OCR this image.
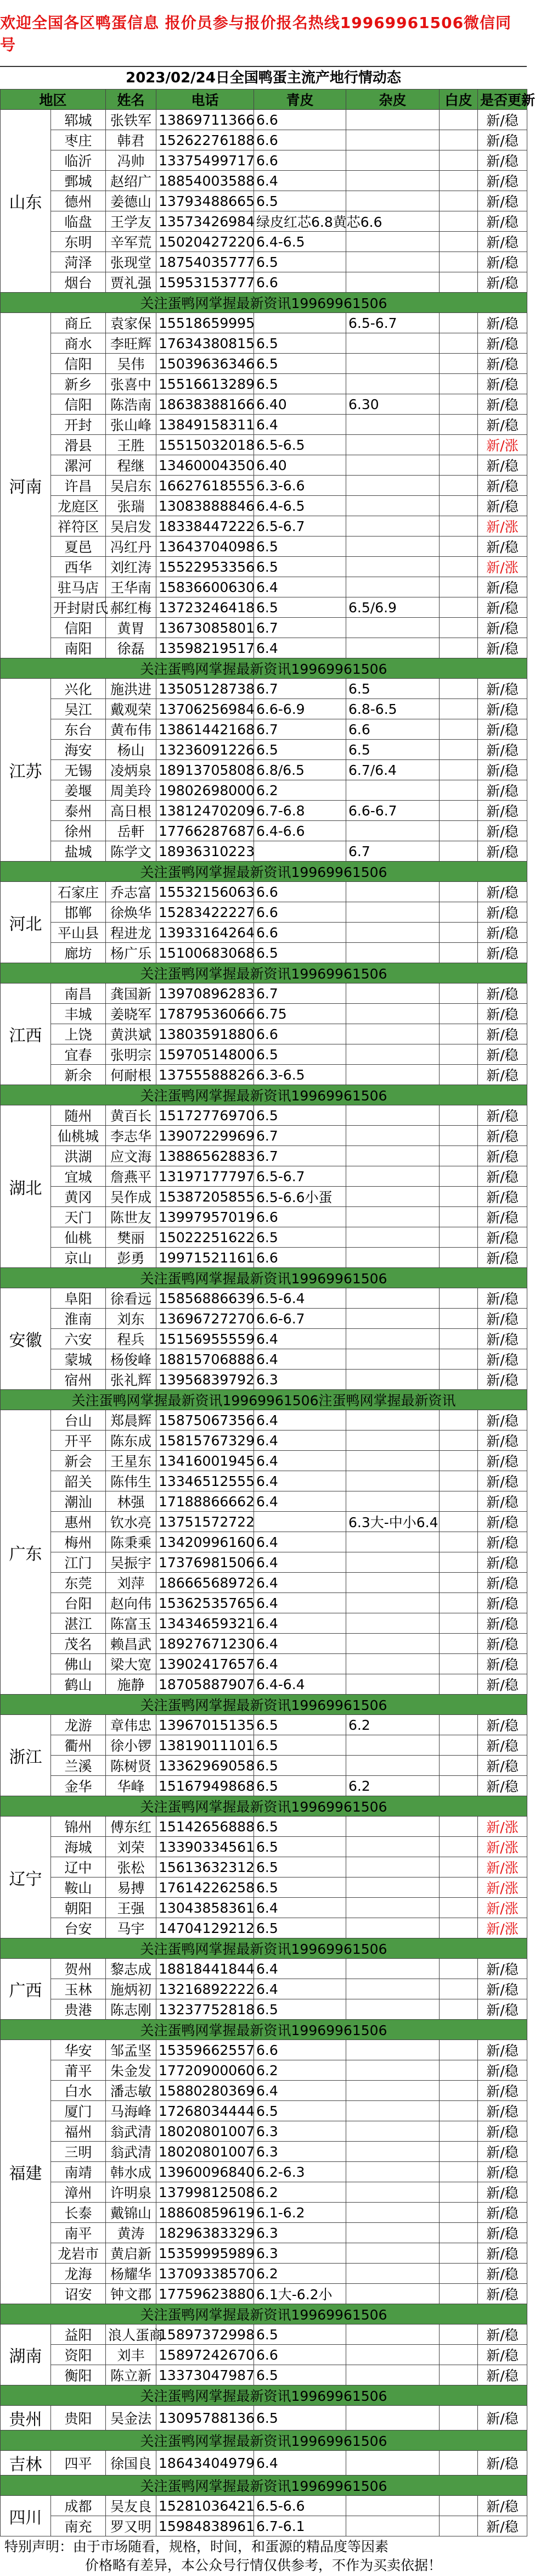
欢迎全国各区鸭蛋信息 报价员参与报价报名热线19969961506微信同号
2023/02/24日全国鸭蛋主流产地行情动态
地区		姓名	电话	青皮	杂皮	白皮	是否更新
山东	郓城	张铁军	13869711366	6.6			新/稳
	枣庄	韩君	15262276188	6.6			新/稳
	临沂	冯帅	13375499717	6.6			新/稳
	鄄城	赵绍广	18854003588	6.4			新/稳
	德州	姜德山	13793488665	6.5			新/稳
	临盘	王学友	13573426984	绿皮红芯6.8黄芯6.6			新/稳
	东明	辛军荒	15020427220	6.4-6.5			新/稳
	菏泽	张现堂	18754035777	6.5			新/稳
	烟台	贾礼强	15953153777	6.6			新/稳
关注蛋鸭网掌握最新资讯19969961506							
河南	商丘	袁家保	15518659995		6.5-6.7		新/稳
	商水	李旺辉	17634380815	6.5			新/稳
	信阳	吴伟	15039636346	6.5			新/稳
	新乡	张喜中	15516613289	6.5			新/稳
	信阳	陈浩南	18638388166	6.40	6.30		新/稳
	开封	张山峰	13849158311	6.4			新/稳
	滑县	王胜	15515032018	6.5-6.5			新/涨
	漯河	程继	13460004350	6.40			新/稳
	许昌	吴启东	16627618555	6.3-6.6			新/稳
	龙庭区	张瑞	13083888846	6.4-6.5			新/稳
	祥符区	吴启发	18338447222	6.5-6.7			新/涨
	夏邑	冯红丹	13643704098	6.5			新/稳
	西华	刘红涛	15522953356	6.5			新/涨
	驻马店	王华南	15836600630	6.4			新/稳
	开封尉氏	郝红梅	13723246418	6.5	6.5/6.9		新/稳
	信阳	黄胃	13673085801	6.7			新/稳
	南阳	徐磊	13598219517	6.4			新/稳
关注蛋鸭网掌握最新资讯19969961506							
江苏	兴化	施洪进	13505128738	6.7	6.5		新/稳
	吴江	戴观荣	13706256984	6.6-6.9	6.8-6.5		新/稳
	东台	黄布伟	13861442168	6.7	6.6		新/稳
	海安	杨山	13236091226	6.5	6.5		新/稳
	无锡	凌炳泉	18913705808	6.8/6.5	6.7/6.4		新/稳
	姜堰	周美玲	19802698000	6.2			新/稳
	泰州	高日根	13812470209	6.7-6.8	6.6-6.7		新/稳
	徐州	岳軒	17766287687	6.4-6.6			新/稳
	盐城	陈学文	18936310223		6.7		新/稳
关注蛋鸭网掌握最新资讯19969961506							
河北	石家庄	乔志富	15532156063	6.6			新/稳
	邯郸	徐焕华	15283422227	6.6			新/稳
	平山县	程进龙	13933164264	6.6			新/稳
	廊坊	杨广乐	15100683068	6.5			新/稳
关注蛋鸭网掌握最新资讯19969961506							
江西	南昌	龚国新	13970896283	6.7			新/稳
	丰城	姜晓军	17879536066	6.75			新/稳
	上饶	黄洪斌	13803591880	6.6			新/稳
	宜春	张明宗	15970514800	6.5			新/稳
	新余	何耐根	13755588826	6.3-6.5			新/稳
关注蛋鸭网掌握最新资讯19969961506							
湖北	随州	黄百长	15172776970	6.5			新/稳
	仙桃城	李志华	13907229969	6.7			新/稳
	洪湖	应文海	13886562883	6.7			新/稳
	宜城	詹燕平	13197177797	6.5-6.7			新/稳
	黄冈	吴作成	15387205855	6.5-6.6小蛋			新/稳
	天门	陈世友	13997957019	6.6			新/稳
	仙桃	樊丽	15022251622	6.5			新/稳
	京山	彭勇	19971521161	6.6			新/稳
关注蛋鸭网掌握最新资讯19969961506							
安徽	阜阳	徐看远	15856886639	6.5-6.4			新/稳
	淮南	刘东	13696727270	6.6-6.7			新/稳
	六安	程兵	15156955559	6.4			新/稳
	蒙城	杨俊峰	18815706888	6.4			新/稳
	宿州	张礼辉	13956839792	6.3			新/稳
关注蛋鸭网掌握最新资讯19969961506注蛋鸭网掌握最新资讯							
广东	台山	郑晨辉	15875067356	6.4			新/稳
	开平	陈东成	15815767329	6.4			新/稳
	新会	王星东	13416001945	6.4			新/稳
	韶关	陈伟生	13346512555	6.4			新/稳
	潮汕	林强	17188866662	6.4			新/稳
	惠州	钦水亮	13751572722		6.3大-中小6.4		新/稳
	梅州	陈秉乘	13420996160	6.4			新/稳
	江门	吴振宇	17376981506	6.4			新/稳
	东莞	刘萍	18666568972	6.4			新/稳
	台阳	赵向伟	15362535765	6.4			新/稳
	湛江	陈富玉	13434659321	6.4			新/稳
	茂名	赖昌武	18927671230	6.4			新/稳
	佛山	梁大宽	13902417657	6.4			新/稳
	鹤山	施静	18705887907	6.4-6.4			新/稳
关注蛋鸭网掌握最新资讯19969961506							
浙江	龙游	章伟忠	13967015135	6.5	6.2		新/稳
	衢州	徐小锣	13819011101	6.5			新/稳
	兰溪	陈树贤	13362969058	6.5			新/稳
	金华	华峰	15167949868	6.5	6.2		新/稳
关注蛋鸭网掌握最新资讯19969961506							
辽宁	锦州	傅东红	15142656888	6.5			新/涨
	海城	刘荣	13390334561	6.5			新/涨
	辽中	张松	15613632312	6.5			新/涨
	鞍山	易搏	17614226258	6.5			新/涨
	朝阳	王强	13043858361	6.4			新/涨
	台安	马宇	14704129212	6.5			新/涨
关注蛋鸭网掌握最新资讯19969961506							
广西	贺州	黎志成	18818441844	6.4			新/稳
	玉林	施炳初	13216892222	6.4			新/稳
	贵港	陈志刚	13237752818	6.5			新/稳
关注蛋鸭网掌握最新资讯19969961506							
福建	华安	邹孟坚	15359662557	6.6			新/稳
	莆平	朱金发	17720900060	6.2			新/稳
	白水	潘志敏	15880280369	6.4			新/稳
	厦门	马海峰	17268034444	6.5			新/稳
	福州	翁武清	18020801007	6.3			新/稳
	三明	翁武清	18020801007	6.3			新/稳
	南靖	韩水成	13960096840	6.2-6.3			新/稳
	漳州	许明泉	13799812508	6.2			新/稳
	长泰	戴锦山	18860859619	6.1-6.2			新/稳
	南平	黄涛	18296383329	6.3			新/稳
	龙岩市	黄启新	15359995989	6.3			新/稳
	龙海	杨耀华	13709338570	6.2			新/稳
	诏安	钟文郡	17759623880	6.1大-6.2小			新/稳
关注蛋鸭网掌握最新资讯19969961506							
湖南	益阳	浪人蛋商	15897372998	6.5			新/稳
	资阳	刘丰	15897242670	6.6			新/稳
	衡阳	陈立新	13373047987	6.5			新/稳
关注蛋鸭网掌握最新资讯19969961506							
贵州	贵阳	吴金法	13095788136	6.5			新/稳
关注蛋鸭网掌握最新资讯19969961506							
吉林	四平	徐国良	18643404979	6.4			新/稳
关注蛋鸭网掌握最新资讯19969961506							
四川	成都	吴友良	15281036421	6.5-6.6			新/稳
	南充	罗又明	15984838961	6.7-6.1			新/稳
特别声明：由于市场随看，规格，时间，和蛋源的精品度等因素
价格略有差异，本公众号行情仅供参考，不作为买卖依据！
